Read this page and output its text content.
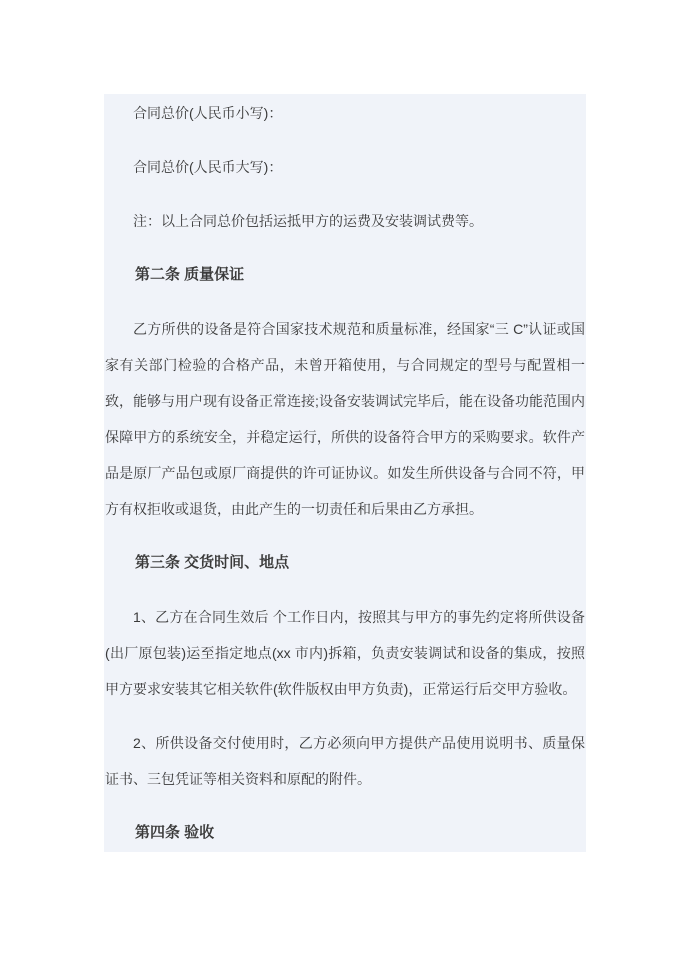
合同总价(人民币小写)：

合同总价(人民币大写)：

注：以上合同总价包括运抵甲方的运费及安装调试费等。

第二条 质量保证

乙方所供的设备是符合国家技术规范和质量标准，经国家“三 C”认证或国家有关部门检验的合格产品，未曾开箱使用，与合同规定的型号与配置相一致，能够与用户现有设备正常连接;设备安装调试完毕后，能在设备功能范围内保障甲方的系统安全，并稳定运行，所供的设备符合甲方的采购要求。软件产品是原厂产品包或原厂商提供的许可证协议。如发生所供设备与合同不符，甲方有权拒收或退货，由此产生的一切责任和后果由乙方承担。

第三条 交货时间、地点

1、乙方在合同生效后 个工作日内，按照其与甲方的事先约定将所供设备(出厂原包装)运至指定地点(xx 市内)拆箱，负责安装调试和设备的集成，按照甲方要求安装其它相关软件(软件版权由甲方负责)，正常运行后交甲方验收。

2、所供设备交付使用时，乙方必须向甲方提供产品使用说明书、质量保证书、三包凭证等相关资料和原配的附件。

第四条 验收
